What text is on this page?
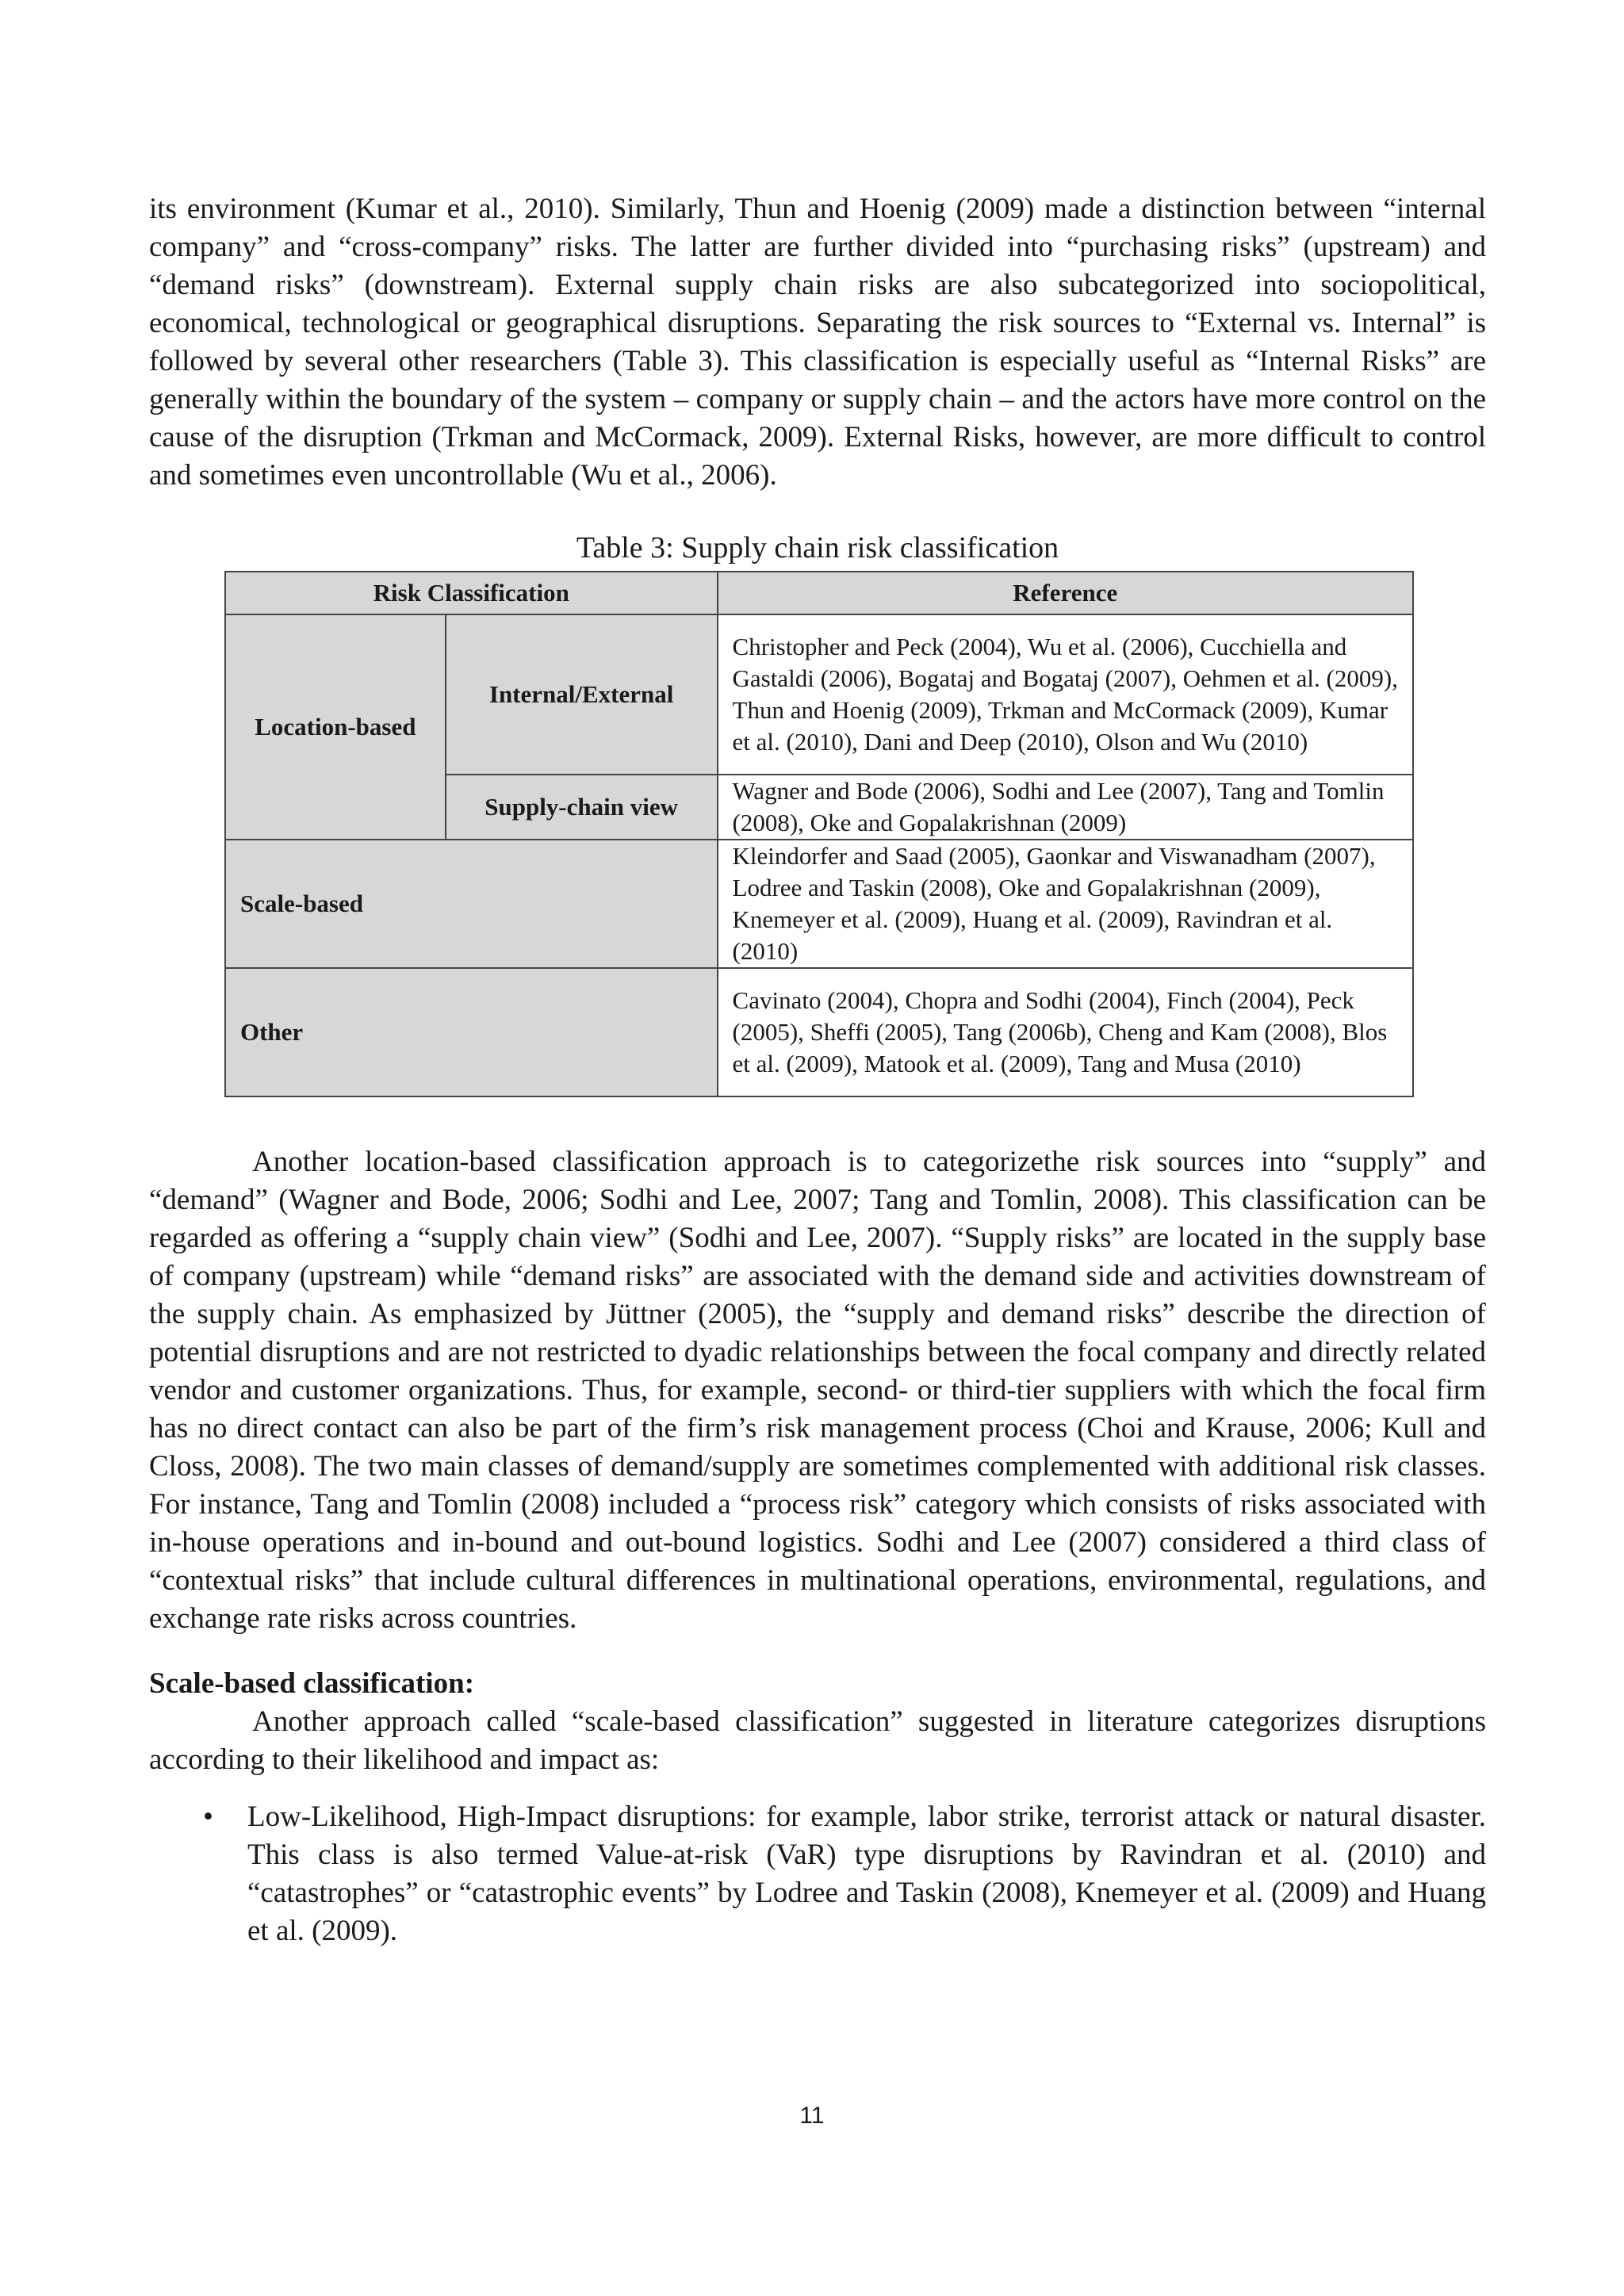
its environment (Kumar et al., 2010). Similarly, Thun and Hoenig (2009) made a distinction between “internal company” and “cross-company” risks. The latter are further divided into “purchasing risks” (upstream) and “demand risks” (downstream). External supply chain risks are also subcategorized into sociopolitical, economical, technological or geographical disruptions. Separating the risk sources to “External vs. Internal” is followed by several other researchers (Table 3). This classification is especially useful as “Internal Risks” are generally within the boundary of the system – company or supply chain – and the actors have more control on the cause of the disruption (Trkman and McCormack, 2009). External Risks, however, are more difficult to control and sometimes even uncontrollable (Wu et al., 2006).

Table 3: Supply chain risk classification
Risk Classification		Reference
Location-based	Internal/External	Christopher and Peck (2004), Wu et al. (2006), Cucchiella and Gastaldi (2006), Bogataj and Bogataj (2007), Oehmen et al. (2009), Thun and Hoenig (2009), Trkman and McCormack (2009), Kumar et al. (2010), Dani and Deep (2010), Olson and Wu (2010)
	Supply-chain view	Wagner and Bode (2006), Sodhi and Lee (2007), Tang and Tomlin (2008), Oke and Gopalakrishnan (2009)
Scale-based		Kleindorfer and Saad (2005), Gaonkar and Viswanadham (2007), Lodree and Taskin (2008), Oke and Gopalakrishnan (2009), Knemeyer et al. (2009), Huang et al. (2009), Ravindran et al. (2010)
Other		Cavinato (2004), Chopra and Sodhi (2004), Finch (2004), Peck (2005), Sheffi (2005), Tang (2006b), Cheng and Kam (2008), Blos et al. (2009), Matook et al. (2009), Tang and Musa (2010)

Another location-based classification approach is to categorizethe risk sources into “supply” and “demand” (Wagner and Bode, 2006; Sodhi and Lee, 2007; Tang and Tomlin, 2008). This classification can be regarded as offering a “supply chain view” (Sodhi and Lee, 2007). “Supply risks” are located in the supply base of company (upstream) while “demand risks” are associated with the demand side and activities downstream of the supply chain. As emphasized by Jüttner (2005), the “supply and demand risks” describe the direction of potential disruptions and are not restricted to dyadic relationships between the focal company and directly related vendor and customer organizations. Thus, for example, second- or third-tier suppliers with which the focal firm has no direct contact can also be part of the firm’s risk management process (Choi and Krause, 2006; Kull and Closs, 2008). The two main classes of demand/supply are sometimes complemented with additional risk classes. For instance, Tang and Tomlin (2008) included a “process risk” category which consists of risks associated with in-house operations and in-bound and out-bound logistics. Sodhi and Lee (2007) considered a third class of “contextual risks” that include cultural differences in multinational operations, environmental, regulations, and exchange rate risks across countries.

Scale-based classification:

Another approach called “scale-based classification” suggested in literature categorizes disruptions according to their likelihood and impact as:

• Low-Likelihood, High-Impact disruptions: for example, labor strike, terrorist attack or natural disaster. This class is also termed Value-at-risk (VaR) type disruptions by Ravindran et al. (2010) and “catastrophes” or “catastrophic events” by Lodree and Taskin (2008), Knemeyer et al. (2009) and Huang et al. (2009).
11
